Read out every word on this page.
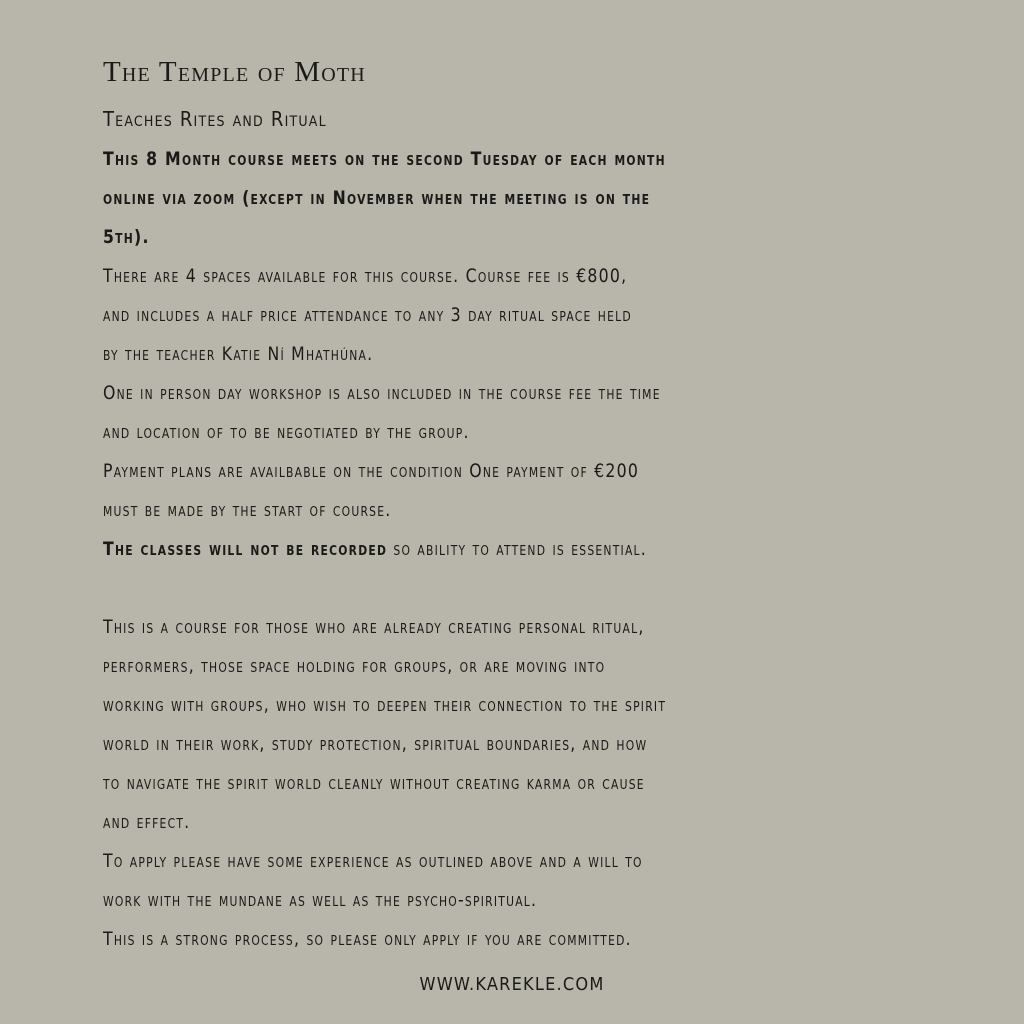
The Temple of Moth
Teaches Rites and Ritual
This 8 Month course meets on the second Tuesday of each month
online via zoom (except in November when the meeting is on the
5th).
There are 4 spaces available for this course. Course fee is €800,
and includes a half price attendance to any 3 day ritual space held
by the teacher Katie Ní Mhathúna.
One in person day workshop is also included in the course fee the time
and location of to be negotiated by the group.
Payment plans are availbable on the condition One payment of €200
must be made by the start of course.
The classes will not be recorded so ability to attend is essential.
This is a course for those who are already creating personal ritual,
performers, those space holding for groups, or are moving into
working with groups, who wish to deepen their connection to the spirit
world in their work, study protection, spiritual boundaries, and how
to navigate the spirit world cleanly without creating karma or cause
and effect.
To apply please have some experience as outlined above and a will to
work with the mundane as well as the psycho-spiritual.
This is a strong process, so please only apply if you are committed.
WWW.KAREKLE.COM
